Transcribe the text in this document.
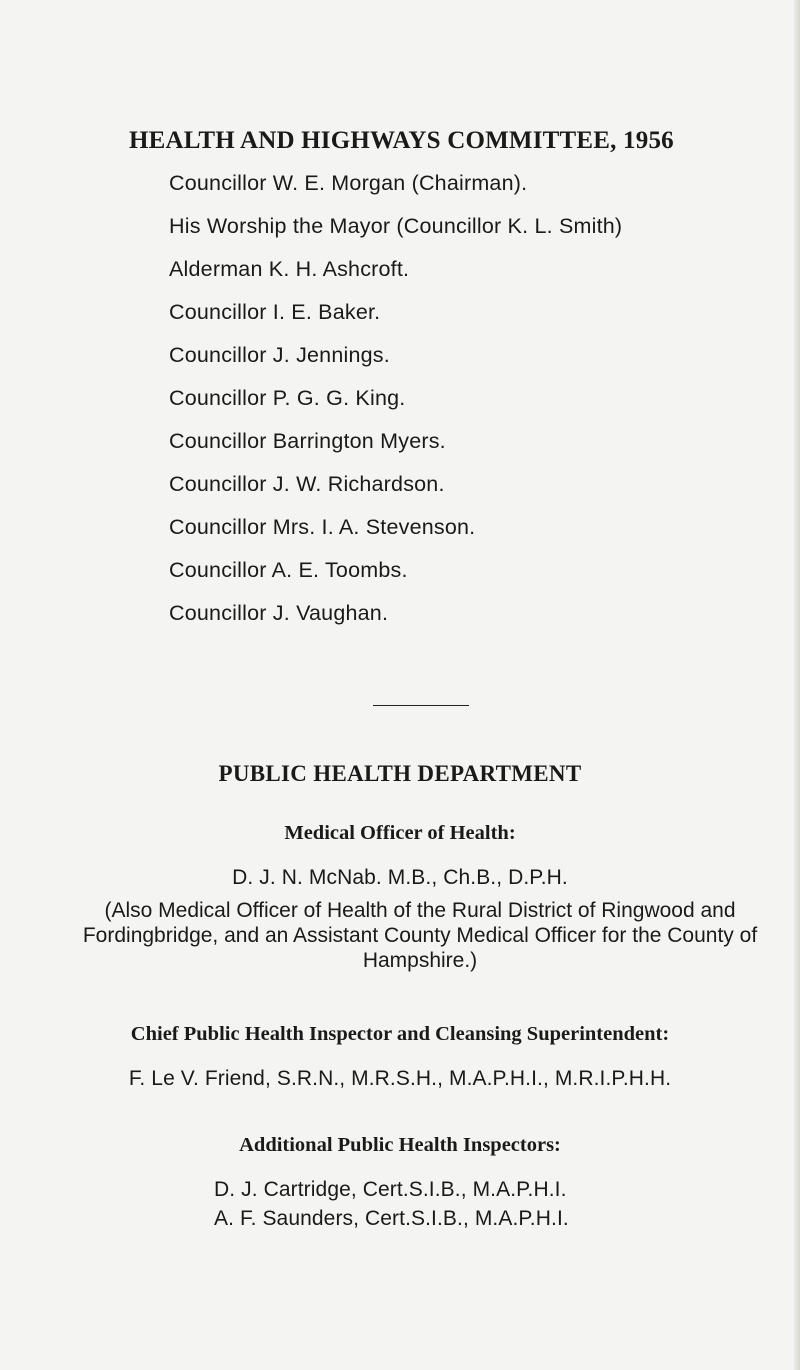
HEALTH AND HIGHWAYS COMMITTEE, 1956
Councillor W. E. Morgan (Chairman).
His Worship the Mayor (Councillor K. L. Smith)
Alderman K. H. Ashcroft.
Councillor I. E. Baker.
Councillor J. Jennings.
Councillor P. G. G. King.
Councillor Barrington Myers.
Councillor J. W. Richardson.
Councillor Mrs. I. A. Stevenson.
Councillor A. E. Toombs.
Councillor J. Vaughan.
PUBLIC HEALTH DEPARTMENT
Medical Officer of Health:
D. J. N. McNab. M.B., Ch.B., D.P.H.
(Also Medical Officer of Health of the Rural District of Ringwood and Fordingbridge, and an Assistant County Medical Officer for the County of Hampshire.)
Chief Public Health Inspector and Cleansing Superintendent:
F. Le V. Friend, S.R.N., M.R.S.H., M.A.P.H.I., M.R.I.P.H.H.
Additional Public Health Inspectors:
D. J. Cartridge, Cert.S.I.B., M.A.P.H.I.
A. F. Saunders, Cert.S.I.B., M.A.P.H.I.
